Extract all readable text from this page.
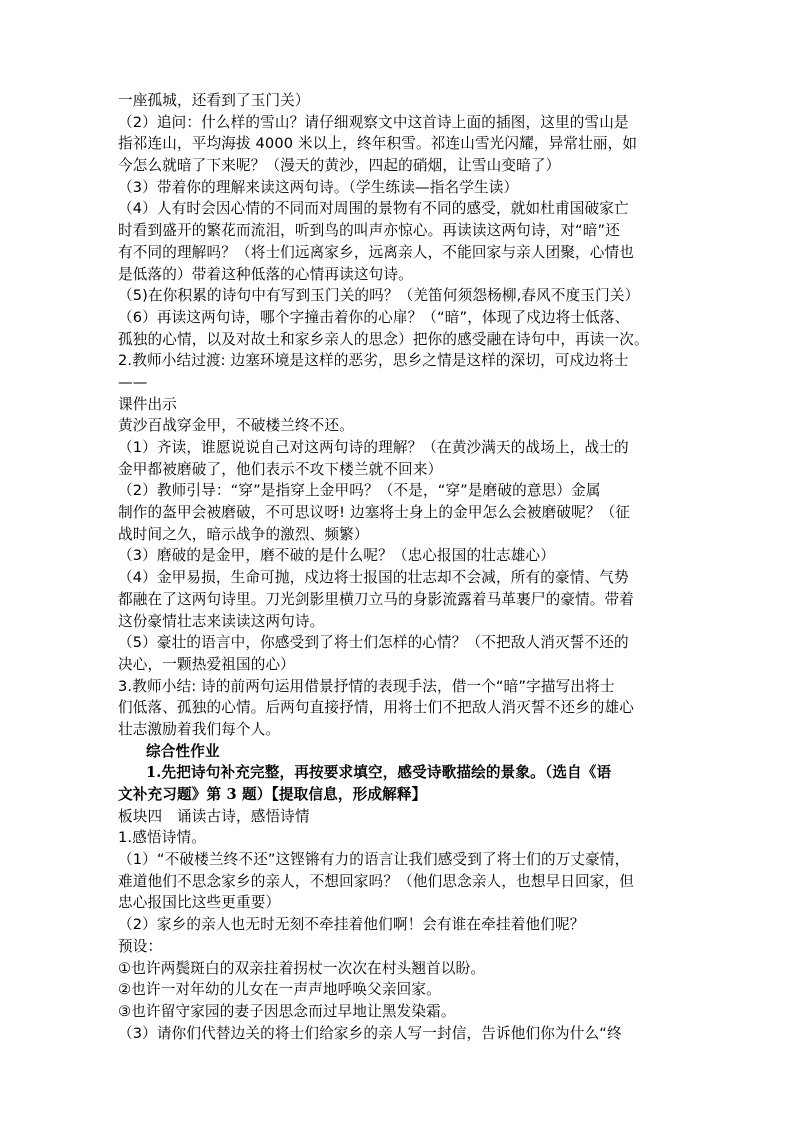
一座孤城，还看到了玉门关）
（2）追问：什么样的雪山？请仔细观察文中这首诗上面的插图，这里的雪山是
指祁连山，平均海拔 4000 米以上，终年积雪。祁连山雪光闪耀，异常壮丽，如
今怎么就暗了下来呢？（漫天的黄沙，四起的硝烟，让雪山变暗了）
（3）带着你的理解来读这两句诗。（学生练读—指名学生读）
（4）人有时会因心情的不同而对周围的景物有不同的感受，就如杜甫国破家亡
时看到盛开的繁花而流泪，听到鸟的叫声亦惊心。再读读这两句诗，对“暗”还
有不同的理解吗？（将士们远离家乡，远离亲人，不能回家与亲人团聚，心情也
是低落的）带着这种低落的心情再读这句诗。
（5)在你积累的诗句中有写到玉门关的吗？（羌笛何须怨杨柳,春风不度玉门关）
（6）再读这两句诗，哪个字撞击着你的心扉？（“暗”，体现了戍边将士低落、
孤独的心情，以及对故土和家乡亲人的思念）把你的感受融在诗句中，再读一次。
2.教师小结过渡: 边塞环境是这样的恶劣，思乡之情是这样的深切，可戍边将士
——
课件出示
黄沙百战穿金甲，不破楼兰终不还。
（1）齐读，谁愿说说自己对这两句诗的理解？（在黄沙满天的战场上，战士的
金甲都被磨破了，他们表示不攻下楼兰就不回来）
（2）教师引导：“穿”是指穿上金甲吗？（不是，“穿”是磨破的意思）金属
制作的盔甲会被磨破，不可思议呀! 边塞将士身上的金甲怎么会被磨破呢？（征
战时间之久，暗示战争的激烈、频繁）
（3）磨破的是金甲，磨不破的是什么呢？（忠心报国的壮志雄心）
（4）金甲易损，生命可抛，戍边将士报国的壮志却不会减，所有的豪情、气势
都融在了这两句诗里。刀光剑影里横刀立马的身影流露着马革裹尸的豪情。带着
这份豪情壮志来读读这两句诗。
（5）豪壮的语言中，你感受到了将士们怎样的心情？（不把敌人消灭誓不还的
决心，一颗热爱祖国的心）
3.教师小结: 诗的前两句运用借景抒情的表现手法，借一个“暗”字描写出将士
们低落、孤独的心情。后两句直接抒情，用将士们不把敌人消灭誓不还乡的雄心
壮志激励着我们每个人。
综合性作业
1.先把诗句补充完整，再按要求填空，感受诗歌描绘的景象。（选自《语
文补充习题》第 3 题）【提取信息，形成解释】
板块四　诵读古诗，感悟诗情
1.感悟诗情。
（1）“不破楼兰终不还”这铿锵有力的语言让我们感受到了将士们的万丈豪情，
难道他们不思念家乡的亲人，不想回家吗？（他们思念亲人，也想早日回家，但
忠心报国比这些更重要）
（2）家乡的亲人也无时无刻不牵挂着他们啊！会有谁在牵挂着他们呢？
预设：
①也许两鬓斑白的双亲拄着拐杖一次次在村头翘首以盼。
②也许一对年幼的儿女在一声声地呼唤父亲回家。
③也许留守家园的妻子因思念而过早地让黑发染霜。
（3）请你们代替边关的将士们给家乡的亲人写一封信，告诉他们你为什么“终
